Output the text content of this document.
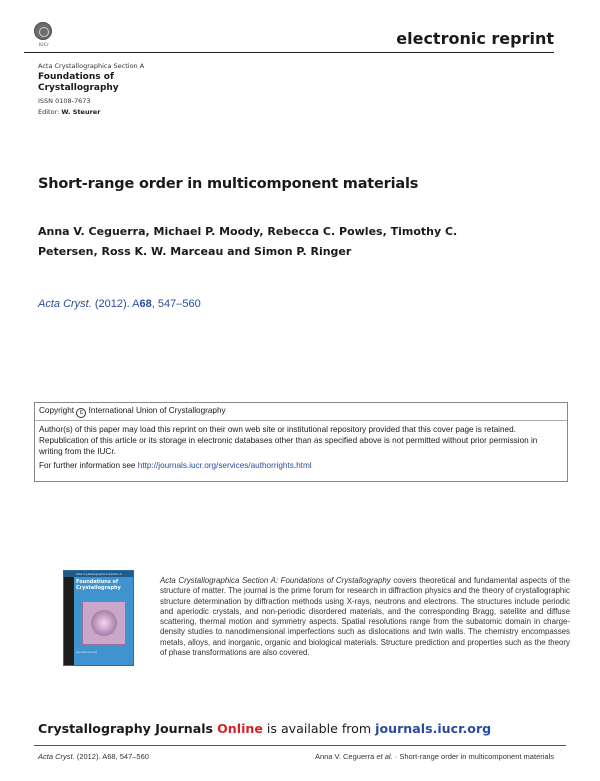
IUCr	electronic reprint
Acta Crystallographica Section A
Foundations of
Crystallography
ISSN 0108-7673
Editor: W. Steurer
Short-range order in multicomponent materials
Anna V. Ceguerra, Michael P. Moody, Rebecca C. Powles, Timothy C.
Petersen, Ross K. W. Marceau and Simon P. Ringer
Acta Cryst. (2012). A68, 547–560
Copyright c International Union of Crystallography

Author(s) of this paper may load this reprint on their own web site or institutional repository provided that this cover page is retained. Republication of this article or its storage in electronic databases other than as specified above is not permitted without prior permission in writing from the IUCr.

For further information see http://journals.iucr.org/services/authorrights.html

Acta Crystallographica Section A
Foundations of Crystallography
journals.iucr.org
Acta Crystallographica Section A: Foundations of Crystallography covers theoretical and fundamental aspects of the structure of matter. The journal is the prime forum for research in diffraction physics and the theory of crystallographic structure determination by diffraction methods using X-rays, neutrons and electrons. The structures include periodic and aperiodic crystals, and non-periodic disordered materials, and the corresponding Bragg, satellite and diffuse scattering, thermal motion and symmetry aspects. Spatial resolutions range from the subatomic domain in charge-density studies to nanodimensional imperfections such as dislocations and twin walls. The chemistry encompasses metals, alloys, and inorganic, organic and biological materials. Structure prediction and properties such as the theory of phase transformations are also covered.
Crystallography Journals Online is available from journals.iucr.org
Acta Cryst. (2012). A68, 547–560	Anna V. Ceguerra et al. · Short-range order in multicomponent materials
